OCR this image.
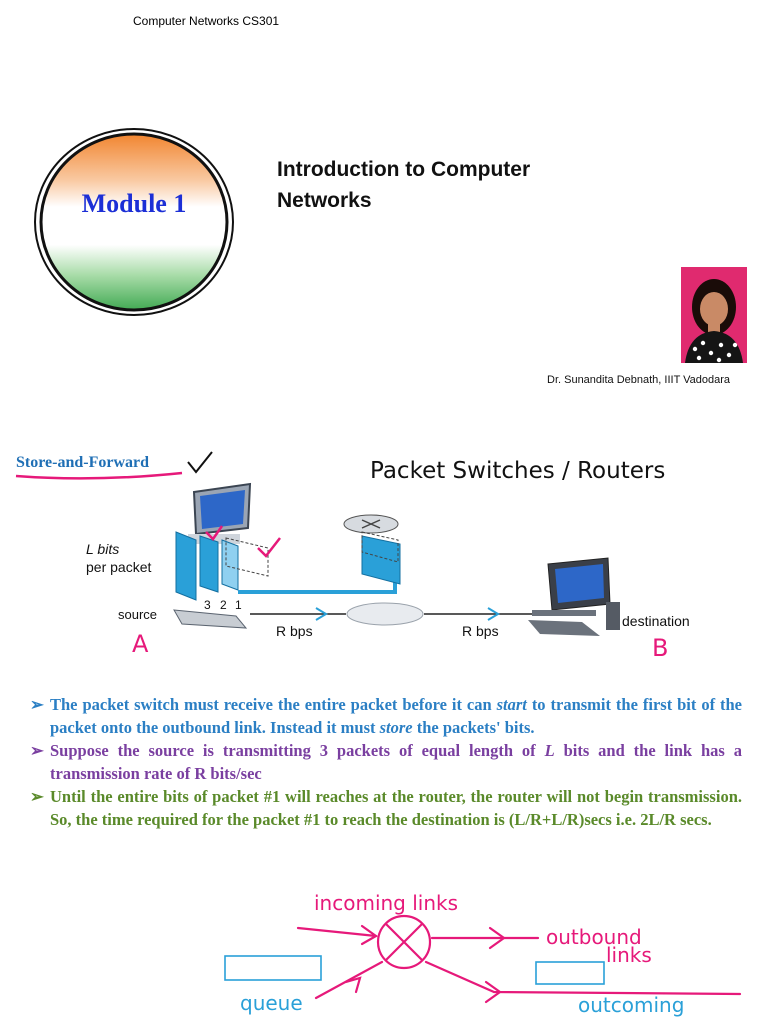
Computer Networks CS301
Module 1
Introduction to Computer Networks
Dr. Sunandita Debnath, IIIT Vadodara
Store-and-Forward	Packet Switches / Routers
L bits
per packet
source	destination
R bps	R bps
3 2 1
A	B
➢ The packet switch must receive the entire packet before it can start to transmit the first bit of the packet onto the outbound link. Instead it must store the packets' bits.
➢ Suppose the source is transmitting 3 packets of equal length of L bits and the link has a transmission rate of R bits/sec
➢ Until the entire bits of packet #1 will reaches at the router, the router will not begin transmission. So, the time required for the packet #1 to reach the destination is (L/R+L/R)secs i.e. 2L/R secs.
incoming links
outbound
links
queue	outcoming
